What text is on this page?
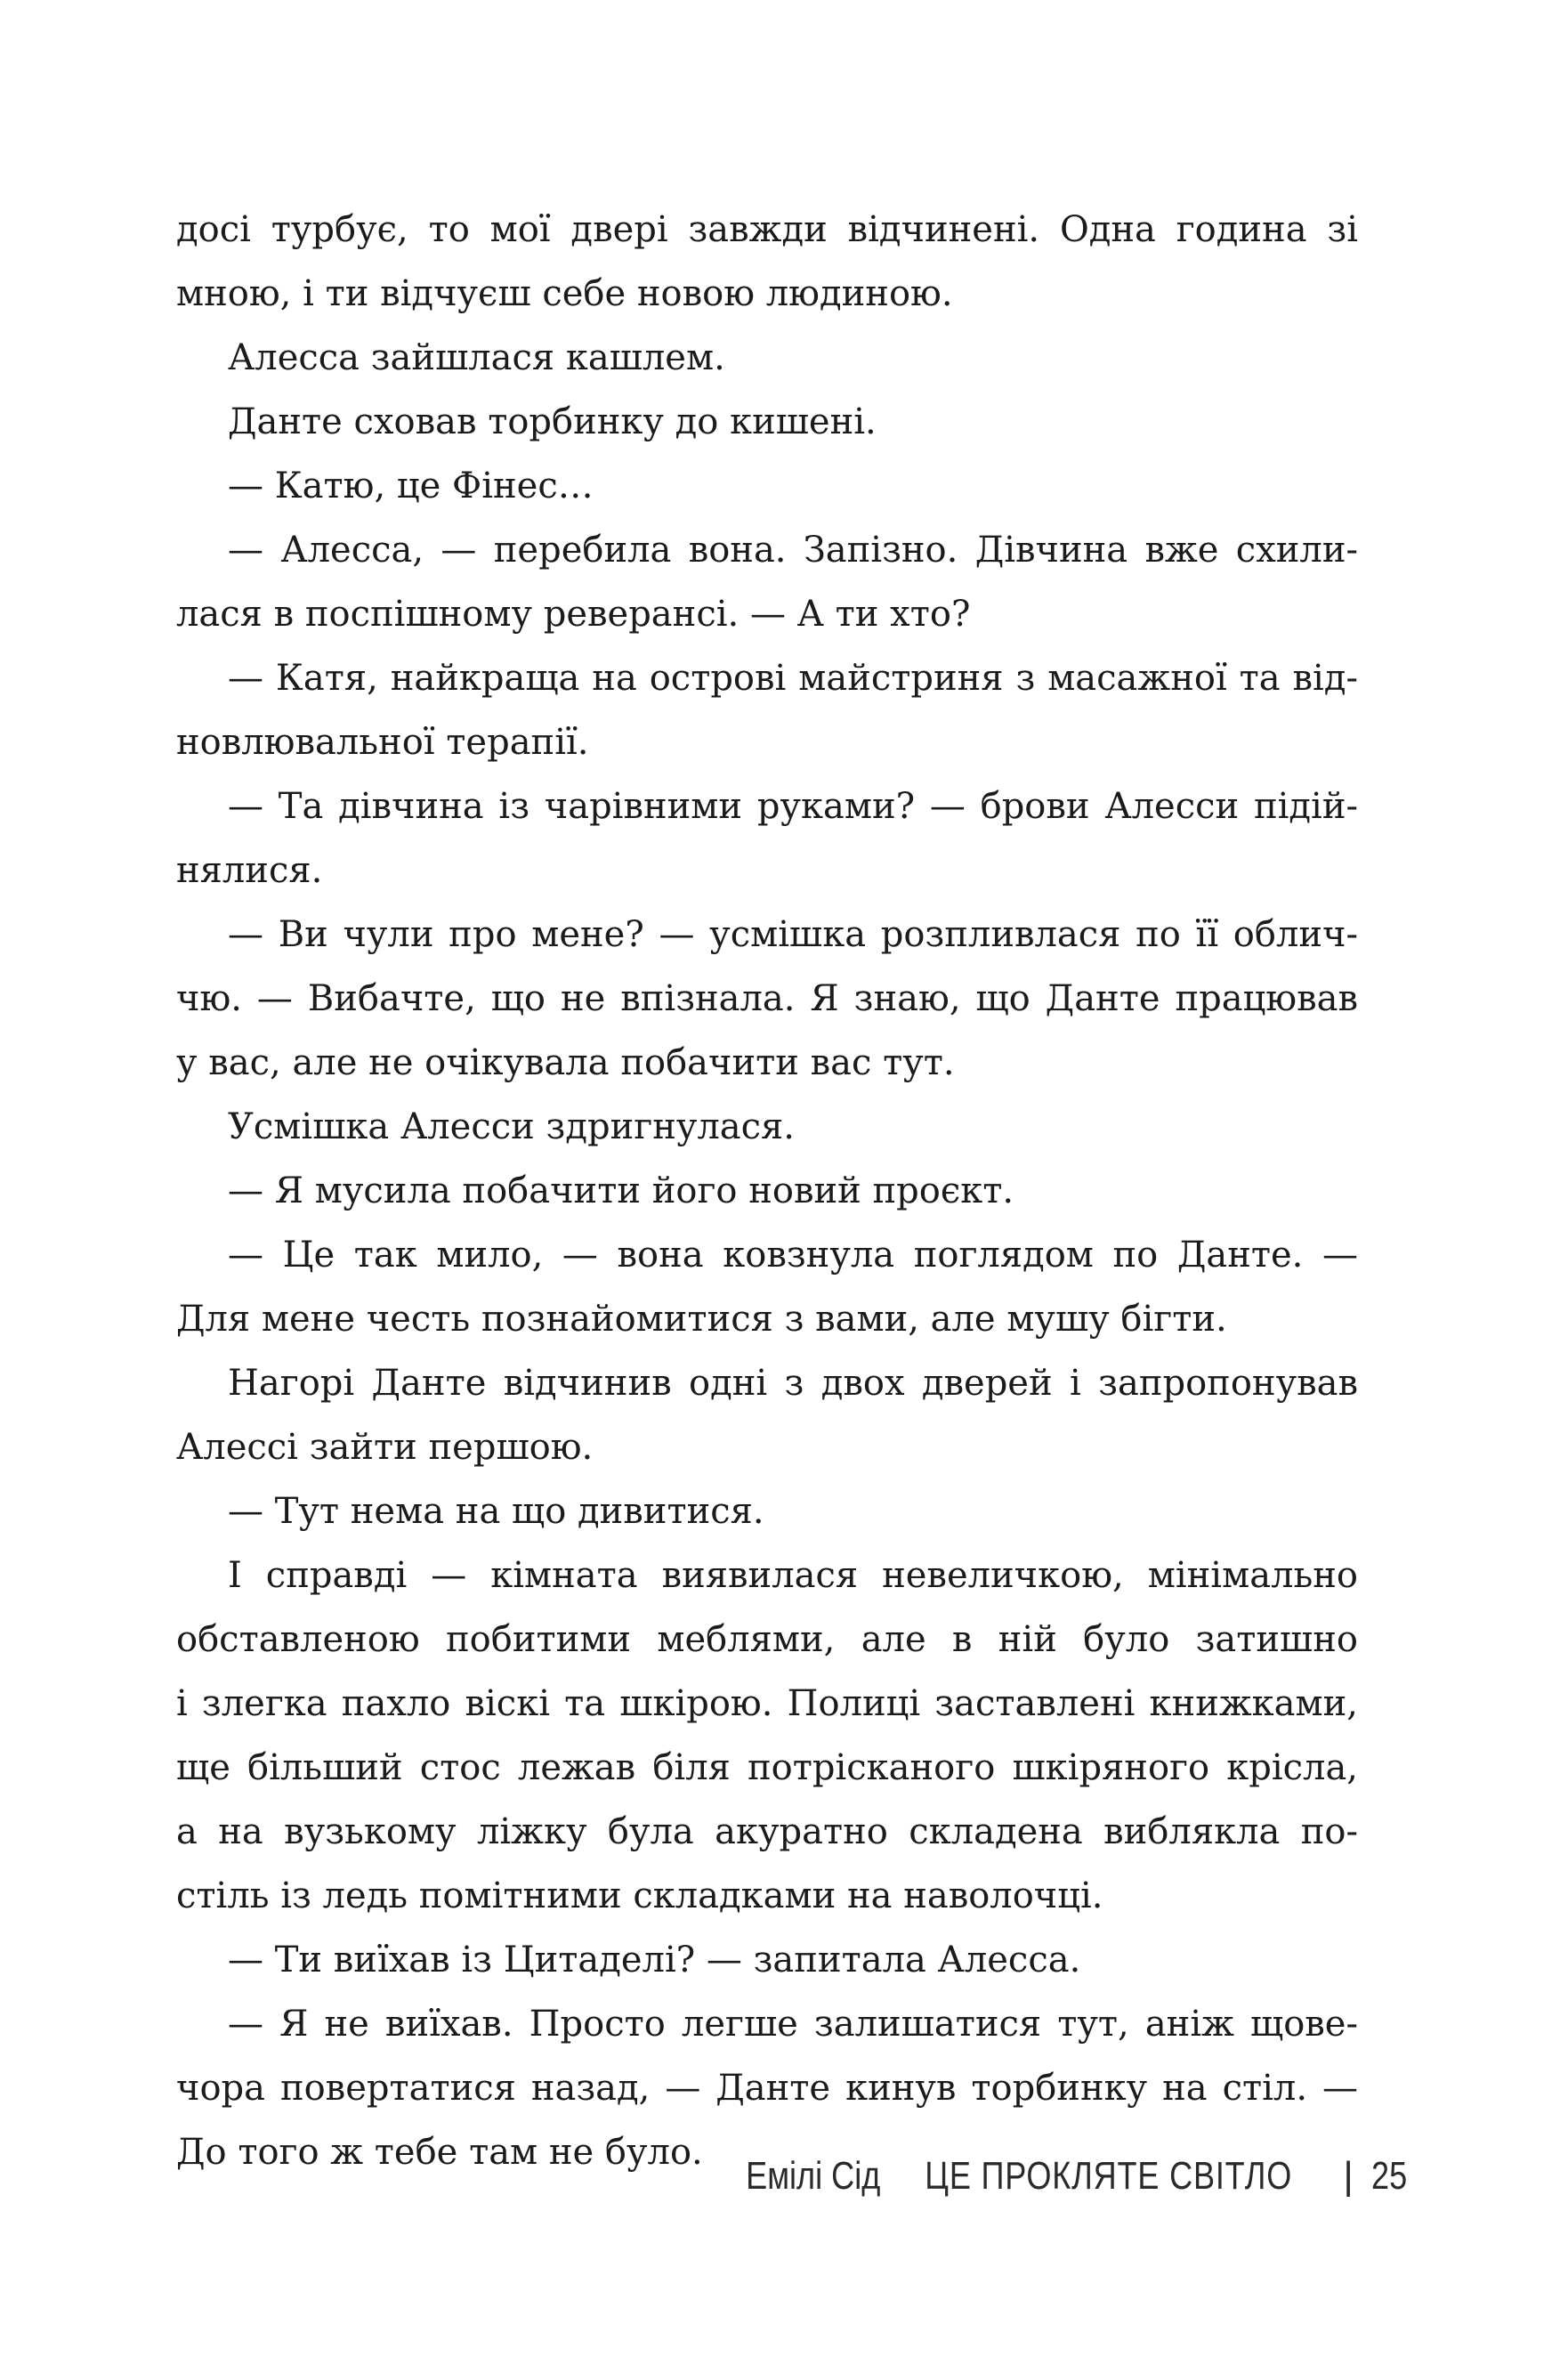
досі турбує, то мої двері завжди відчинені. Одна година зі
мною, і ти відчуєш себе новою людиною.
Алесса зайшлася кашлем.
Данте сховав торбинку до кишені.
— Катю, це Фінес…
— Алесса, — перебила вона. Запізно. Дівчина вже схили-
лася в поспішному реверансі. — А ти хто?
— Катя, найкраща на острові майстриня з масажної та від-
новлювальної терапії.
— Та дівчина із чарівними руками? — брови Алесси підій-
нялися.
— Ви чули про мене? — усмішка розпливлася по її облич-
чю. — Вибачте, що не впізнала. Я знаю, що Данте працював
у вас, але не очікувала побачити вас тут.
Усмішка Алесси здригнулася.
— Я мусила побачити його новий проєкт.
— Це так мило, — вона ковзнула поглядом по Данте. —
Для мене честь познайомитися з вами, але мушу бігти.
Нагорі Данте відчинив одні з двох дверей і запропонував
Алессі зайти першою.
— Тут нема на що дивитися.
І справді — кімната виявилася невеличкою, мінімально
обставленою побитими меблями, але в ній було затишно
і злегка пахло віскі та шкірою. Полиці заставлені книжками,
ще більший стос лежав біля потрісканого шкіряного крісла,
а на вузькому ліжку була акуратно складена виблякла по-
стіль із ледь помітними складками на наволочці.
— Ти виїхав із Цитаделі? — запитала Алесса.
— Я не виїхав. Просто легше залишатися тут, аніж щове-
чора повертатися назад, — Данте кинув торбинку на стіл. —
До того ж тебе там не було.
Емілі Сід ЦЕ ПРОКЛЯТЕ СВІТЛО | 25
